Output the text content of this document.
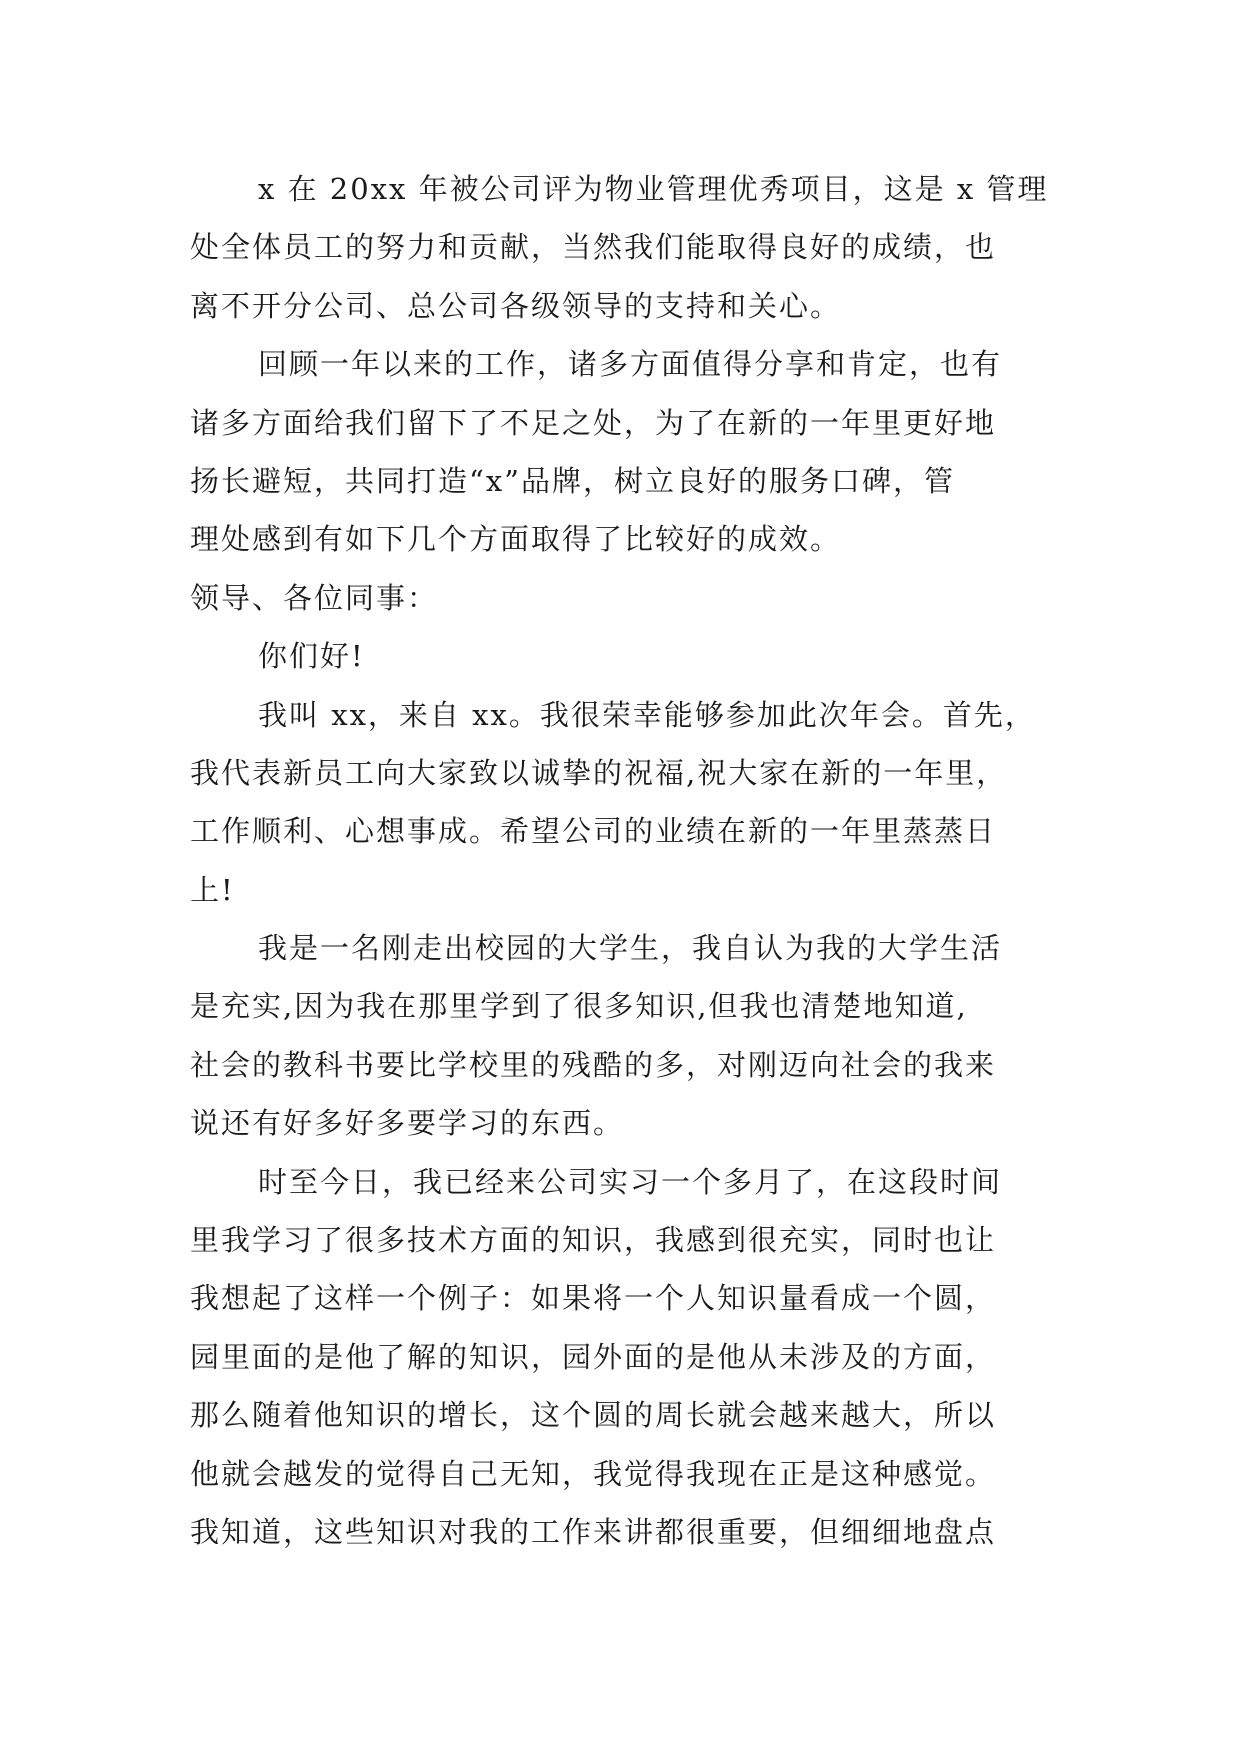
x 在 20xx 年被公司评为物业管理优秀项目，这是 x 管理
处全体员工的努力和贡献，当然我们能取得良好的成绩，也
离不开分公司、总公司各级领导的支持和关心。
回顾一年以来的工作，诸多方面值得分享和肯定，也有
诸多方面给我们留下了不足之处，为了在新的一年里更好地
扬长避短，共同打造“x”品牌，树立良好的服务口碑，管
理处感到有如下几个方面取得了比较好的成效。
领导、各位同事：
你们好!
我叫 xx，来自 xx。我很荣幸能够参加此次年会。首先，
我代表新员工向大家致以诚挚的祝福,祝大家在新的一年里，
工作顺利、心想事成。希望公司的业绩在新的一年里蒸蒸日
上!
我是一名刚走出校园的大学生，我自认为我的大学生活
是充实,因为我在那里学到了很多知识,但我也清楚地知道,
社会的教科书要比学校里的残酷的多，对刚迈向社会的我来
说还有好多好多要学习的东西。
时至今日，我已经来公司实习一个多月了，在这段时间
里我学习了很多技术方面的知识，我感到很充实，同时也让
我想起了这样一个例子：如果将一个人知识量看成一个圆，
园里面的是他了解的知识，园外面的是他从未涉及的方面，
那么随着他知识的增长，这个圆的周长就会越来越大，所以
他就会越发的觉得自己无知，我觉得我现在正是这种感觉。
我知道，这些知识对我的工作来讲都很重要，但细细地盘点
